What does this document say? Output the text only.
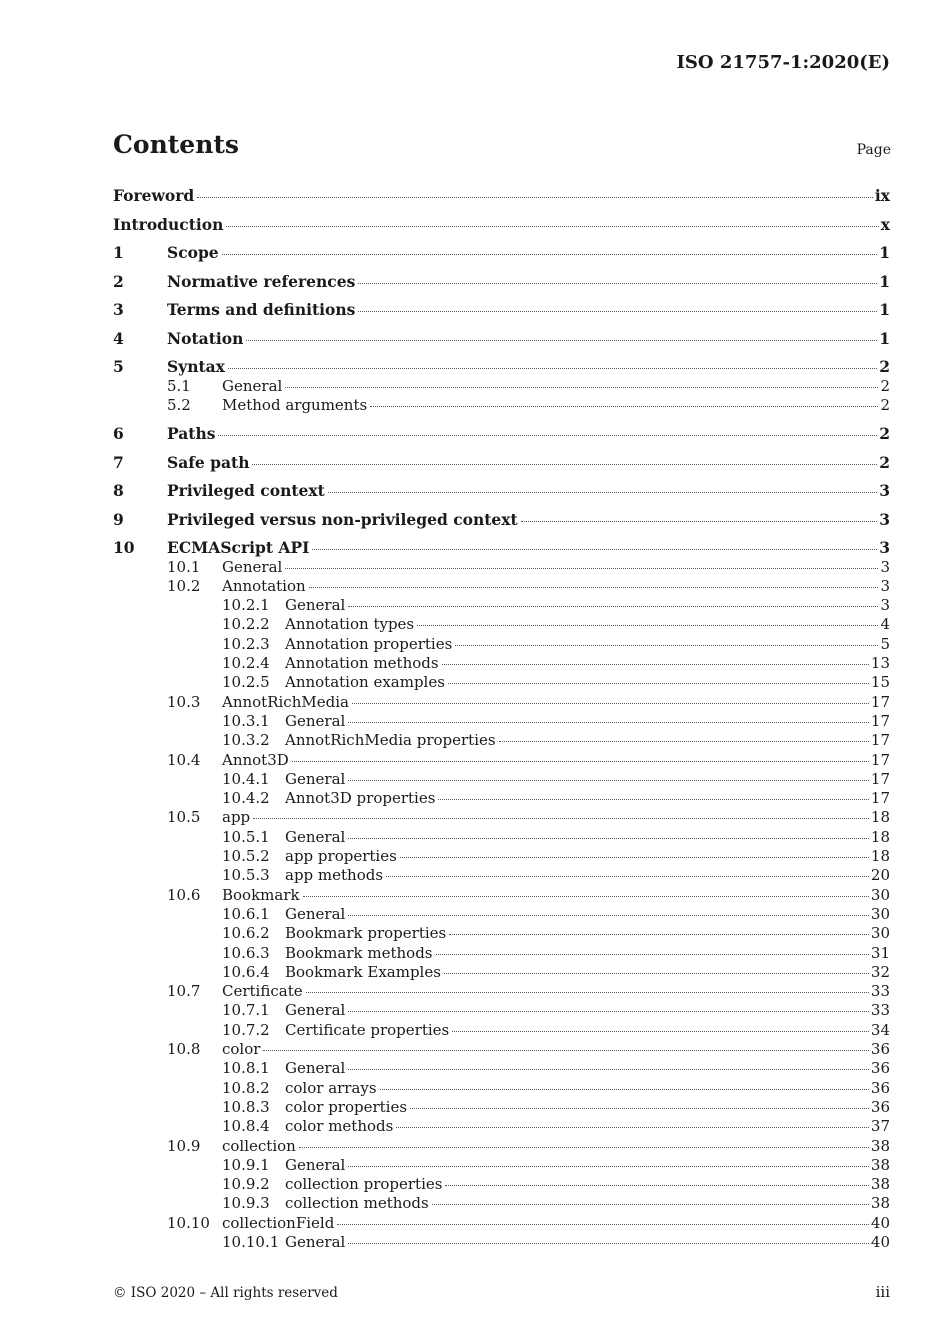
ISO 21757-1:2020(E)
Contents	Page
Foreword	ix
Introduction	x
1	Scope	1
2	Normative references	1
3	Terms and definitions	1
4	Notation	1
5	Syntax	2
5.1 General	2
5.2 Method arguments	2
6	Paths	2
7	Safe path	2
8	Privileged context	3
9	Privileged versus non-privileged context	3
10 ECMAScript API	3
10.1 General	3
10.2 Annotation	3
10.2.1 General	3
10.2.2 Annotation types	4
10.2.3 Annotation properties	5
10.2.4 Annotation methods	13
10.2.5 Annotation examples	15
10.3 AnnotRichMedia	17
10.3.1 General	17
10.3.2 AnnotRichMedia properties	17
10.4 Annot3D	17
10.4.1 General	17
10.4.2 Annot3D properties	17
10.5 app	18
10.5.1 General	18
10.5.2 app properties	18
10.5.3 app methods	20
10.6 Bookmark	30
10.6.1 General	30
10.6.2 Bookmark properties	30
10.6.3 Bookmark methods	31
10.6.4 Bookmark Examples	32
10.7 Certificate	33
10.7.1 General	33
10.7.2 Certificate properties	34
10.8 color	36
10.8.1 General	36
10.8.2 color arrays	36
10.8.3 color properties	36
10.8.4 color methods	37
10.9 collection	38
10.9.1 General	38
10.9.2 collection properties	38
10.9.3 collection methods	38
10.10 collectionField	40
10.10.1 General	40
© ISO 2020 – All rights reserved	iii
